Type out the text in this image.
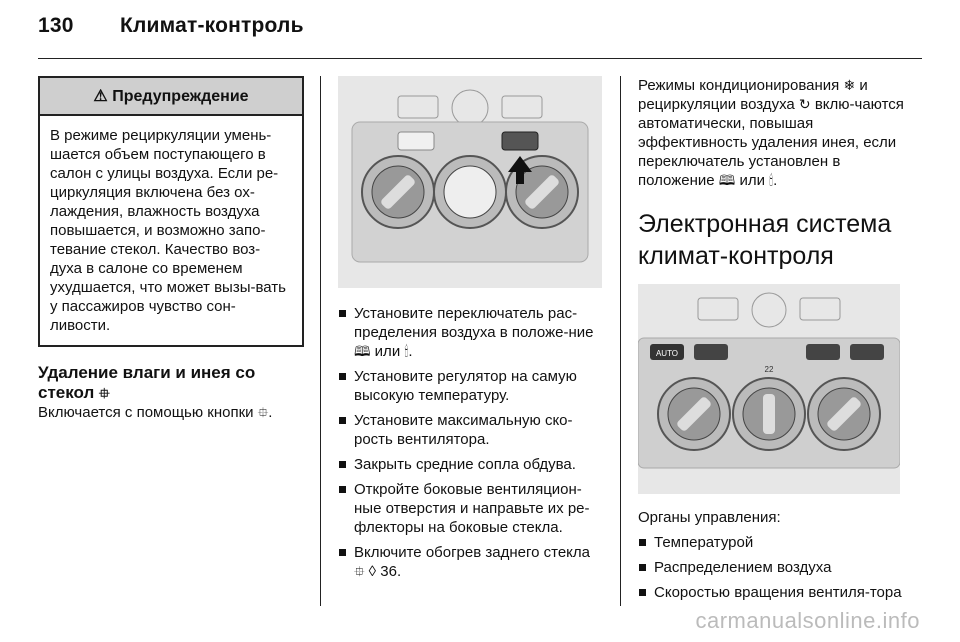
130 Климат-контроль
⚠ Предупреждение
В режиме рециркуляции умень-шается объем поступающего в салон с улицы воздуха. Если ре-циркуляция включена без ох-лаждения, влажность воздуха повышается, и возможно запо-тевание стекол. Качество воз-духа в салоне со временем ухудшается, что может вызы-вать у пассажиров чувство сон-ливости.
Удаление влаги и инея со стекол ⯐
Включается с помощью кнопки ⯐.
Установите переключатель рас-пределения воздуха в положе-ние 🕮 или 🕯.
Установите регулятор на самую высокую температуру.
Установите максимальную ско-рость вентилятора.
Закрыть средние сопла обдува.
Откройте боковые вентиляцион-ные отверстия и направьте их ре-флекторы на боковые стекла.
Включите обогрев заднего стекла ⯐ ◊ 36.
Режимы кондиционирования ❄ и рециркуляции воздуха ↻ вклю-чаются автоматически, повышая эффективность удаления инея, если переключатель установлен в положение 🕮 или 🕯.
Электронная система климат-контроля
AUTO
22
Органы управления:
Температурой
Распределением воздуха
Скоростью вращения вентиля-тора
carmanualsonline.info
